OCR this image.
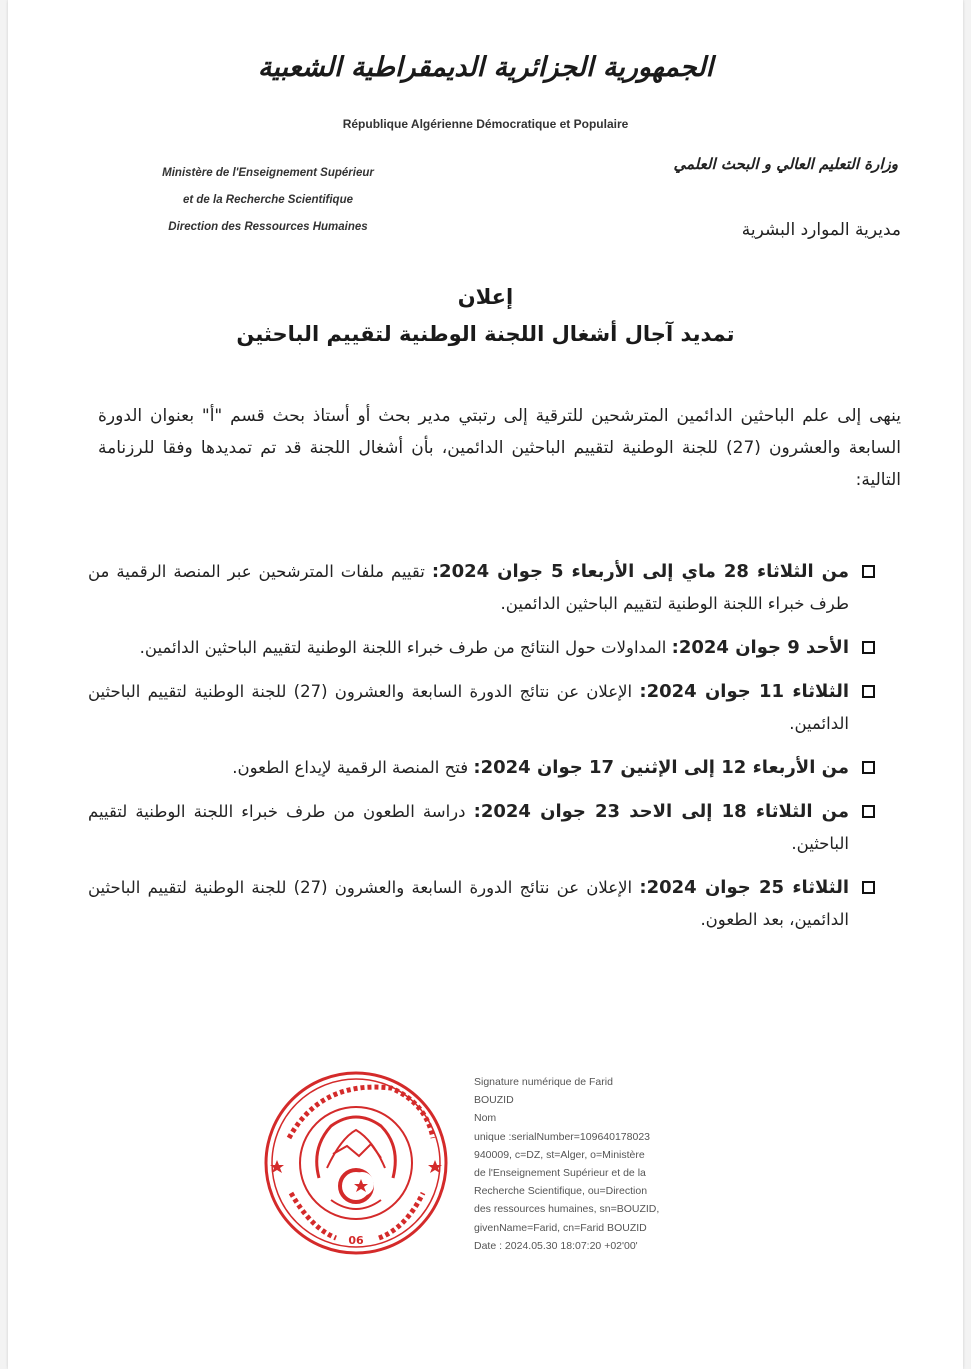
الجمهورية الجزائرية الديمقراطية الشعبية
République Algérienne Démocratique et Populaire
Ministère de l'Enseignement Supérieur
et de la Recherche Scientifique
Direction des Ressources Humaines
وزارة التعليم العالي و البحث العلمي
مديرية الموارد البشرية
إعلان
تمديد آجال أشغال اللجنة الوطنية لتقييم الباحثين
ينهى إلى علم الباحثين الدائمين المترشحين للترقية إلى رتبتي مدير بحث أو أستاذ بحث قسم "أ" بعنوان الدورة السابعة والعشرون (27) للجنة الوطنية لتقييم الباحثين الدائمين، بأن أشغال اللجنة قد تم تمديدها وفقا للرزنامة التالية:
من الثلاثاء 28 ماي إلى الأربعاء 5 جوان 2024: تقييم ملفات المترشحين عبر المنصة الرقمية من طرف خبراء اللجنة الوطنية لتقييم الباحثين الدائمين.
الأحد 9 جوان 2024: المداولات حول النتائج من طرف خبراء اللجنة الوطنية لتقييم الباحثين الدائمين.
الثلاثاء 11 جوان 2024: الإعلان عن نتائج الدورة السابعة والعشرون (27) للجنة الوطنية لتقييم الباحثين الدائمين.
من الأربعاء 12 إلى الإثنين 17 جوان 2024: فتح المنصة الرقمية لإيداع الطعون.
من الثلاثاء 18 إلى الاحد 23 جوان 2024: دراسة الطعون من طرف خبراء اللجنة الوطنية لتقييم الباحثين.
الثلاثاء 25 جوان 2024: الإعلان عن نتائج الدورة السابعة والعشرون (27) للجنة الوطنية لتقييم الباحثين الدائمين، بعد الطعون.
06
Signature numérique de Farid
BOUZID
Nom
unique :serialNumber=109640178023
940009, c=DZ, st=Alger, o=Ministère
de l'Enseignement Supérieur et de la
Recherche Scientifique, ou=Direction
des ressources humaines, sn=BOUZID,
givenName=Farid, cn=Farid BOUZID
Date : 2024.05.30 18:07:20 +02'00'
